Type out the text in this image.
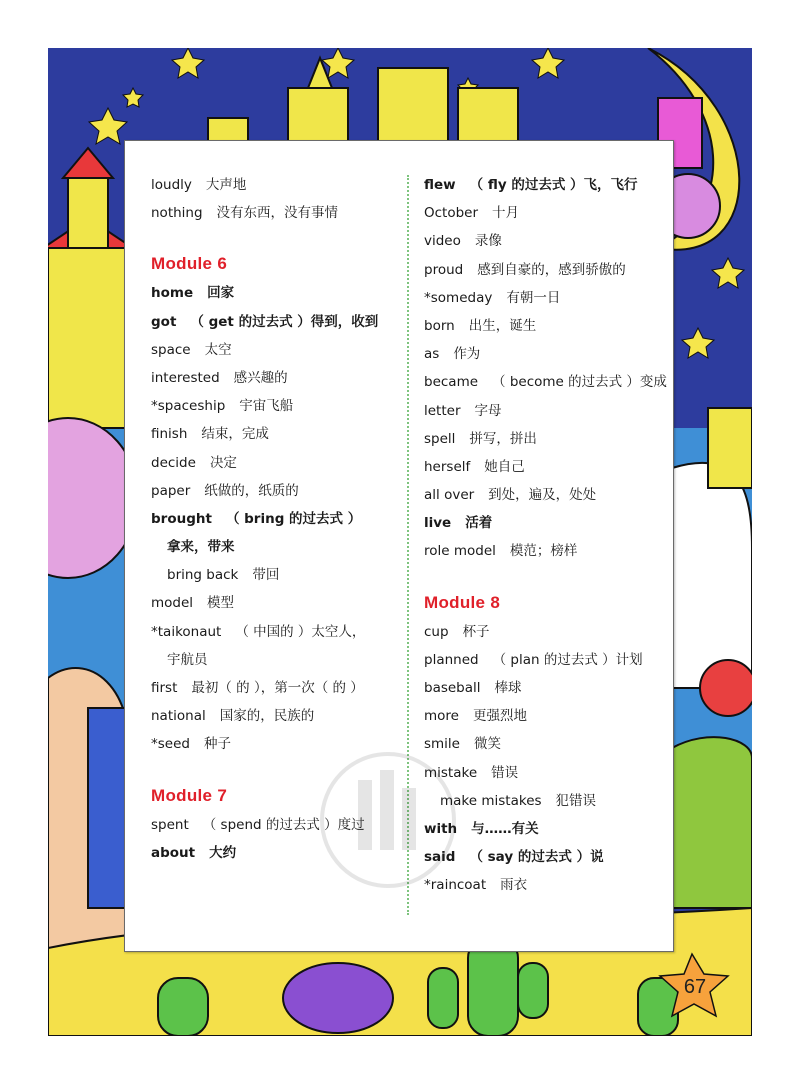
loudly 大声地
nothing 没有东西，没有事情
Module 6
home 回家
got （ get 的过去式 ）得到，收到
space 太空
interested 感兴趣的
*spaceship 宇宙飞船
finish 结束，完成
decide 决定
paper 纸做的，纸质的
brought （ bring 的过去式 ）
拿来，带来
bring back 带回
model 模型
*taikonaut （ 中国的 ）太空人，
宇航员
first 最初（ 的 ），第一次（ 的 ）
national 国家的，民族的
*seed 种子
Module 7
spent （ spend 的过去式 ）度过
about 大约
flew （ fly 的过去式 ）飞，飞行
October 十月
video 录像
proud 感到自豪的，感到骄傲的
*someday 有朝一日
born 出生，诞生
as 作为
became （ become 的过去式 ）变成
letter 字母
spell 拼写，拼出
herself 她自己
all over 到处，遍及，处处
live 活着
role model 模范；榜样
Module 8
cup 杯子
planned （ plan 的过去式 ）计划
baseball 棒球
more 更强烈地
smile 微笑
mistake 错误
make mistakes 犯错误
with 与……有关
said （ say 的过去式 ）说
*raincoat 雨衣
67
